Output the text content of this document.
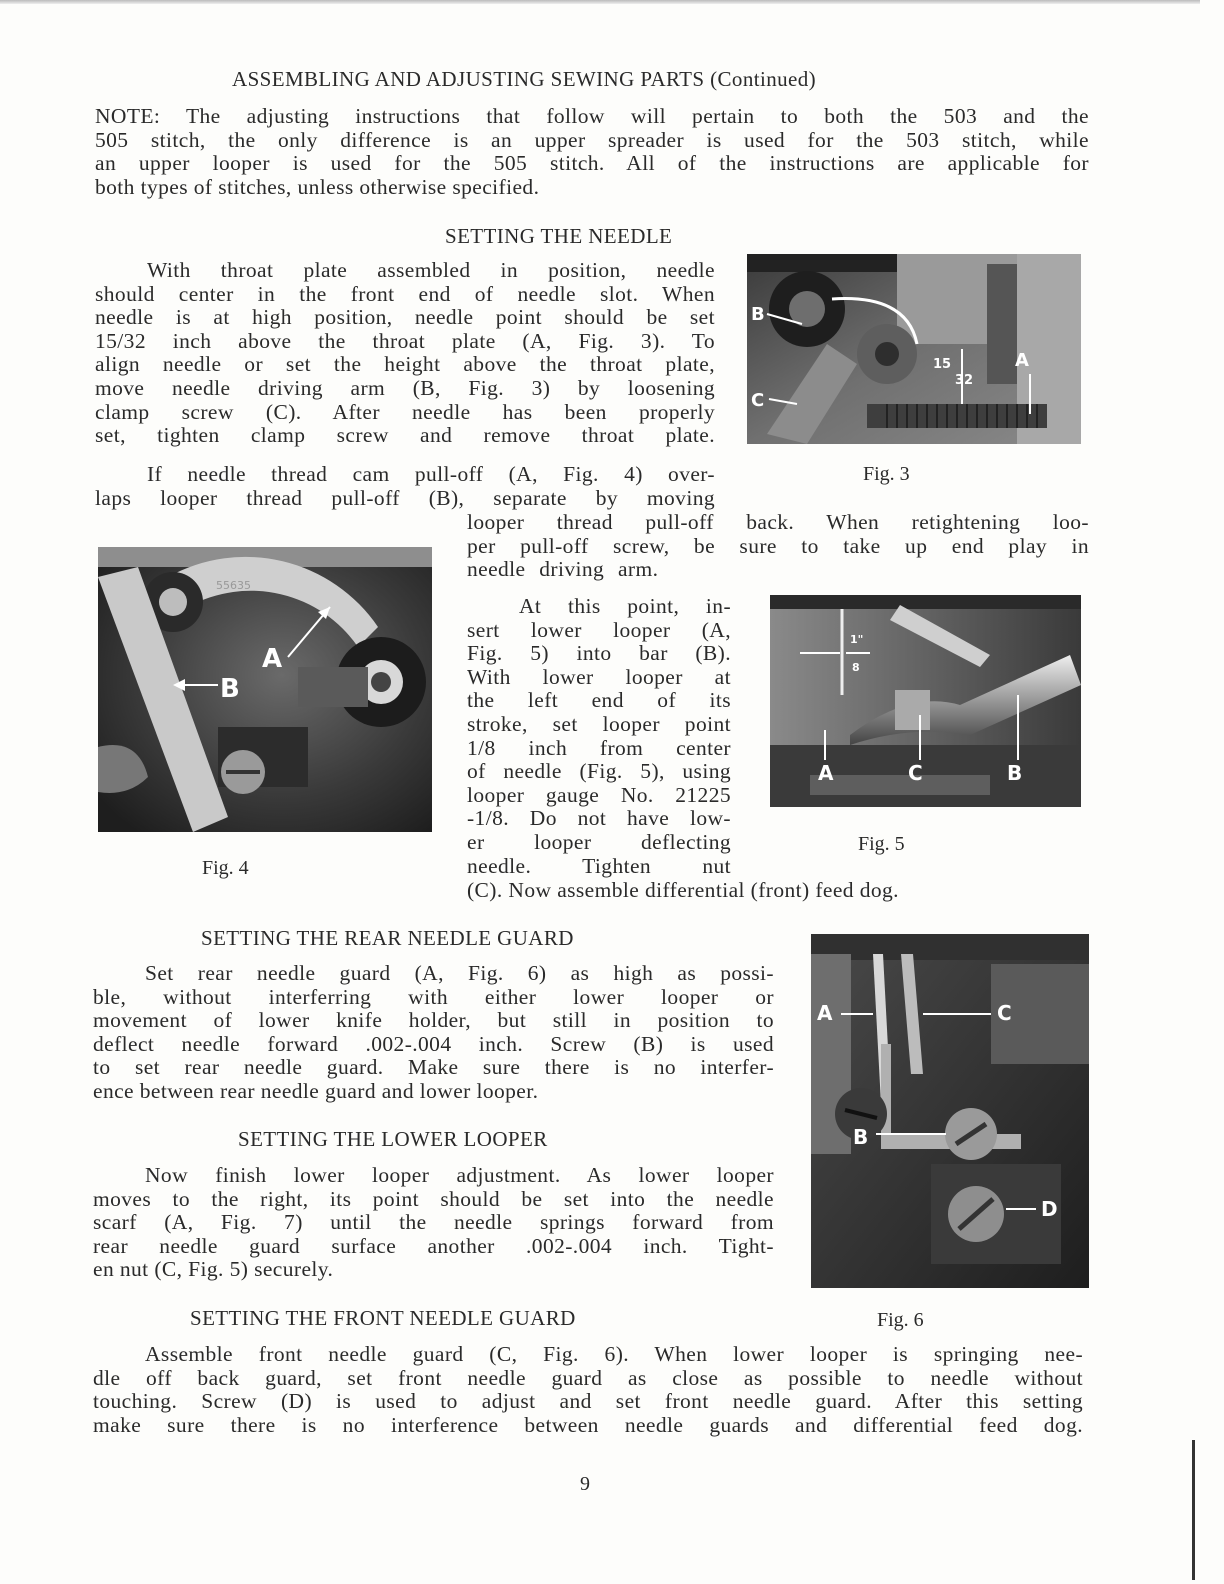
ASSEMBLING AND ADJUSTING SEWING PARTS (Continued)
NOTE: The adjusting instructions that follow will pertain to both the 503 and the
505 stitch, the only difference is an upper spreader is used for the 503 stitch, while
an upper looper is used for the 505 stitch. All of the instructions are applicable for
both types of stitches, unless otherwise specified.
SETTING THE NEEDLE
With throat plate assembled in position, needle
should center in the front end of needle slot. When
needle is at high position, needle point should be set
15/32 inch above the throat plate (A, Fig. 3). To
align needle or set the height above the throat plate,
move needle driving arm (B, Fig. 3) by loosening
clamp screw (C). After needle has been properly
set, tighten clamp screw and remove throat plate.
If needle thread cam pull-off (A, Fig. 4) over-
laps looper thread pull-off (B), separate by moving
looper thread pull-off back. When retightening loo-
per pull-off screw, be sure to take up end play in
needle driving arm.
At this point, in-
sert lower looper (A,
Fig. 5) into bar (B).
With lower looper at
the left end of its
stroke, set looper point
1/8 inch from center
of needle (Fig. 5), using
looper gauge No. 21225
-1/8. Do not have low-
er looper deflecting
needle. Tighten nut
(C). Now assemble differential (front) feed dog.
SETTING THE REAR NEEDLE GUARD
Set rear needle guard (A, Fig. 6) as high as possi-
ble, without interferring with either lower looper or
movement of lower knife holder, but still in position to
deflect needle forward .002-.004 inch. Screw (B) is used
to set rear needle guard. Make sure there is no interfer-
ence between rear needle guard and lower looper.
SETTING THE LOWER LOOPER
Now finish lower looper adjustment. As lower looper
moves to the right, its point should be set into the needle
scarf (A, Fig. 7) until the needle springs forward from
rear needle guard surface another .002-.004 inch. Tight-
en nut (C, Fig. 5) securely.
SETTING THE FRONT NEEDLE GUARD
Assemble front needle guard (C, Fig. 6). When lower looper is springing nee-
dle off back guard, set front needle guard as close as possible to needle without
touching. Screw (D) is used to adjust and set front needle guard. After this setting
make sure there is no interference between needle guards and differential feed dog.
9
B
C
A
15
32
Fig. 3
A
B
55635
Fig. 4
A	C	B
1"
8
Fig. 5
A	C
B
D
Fig. 6
